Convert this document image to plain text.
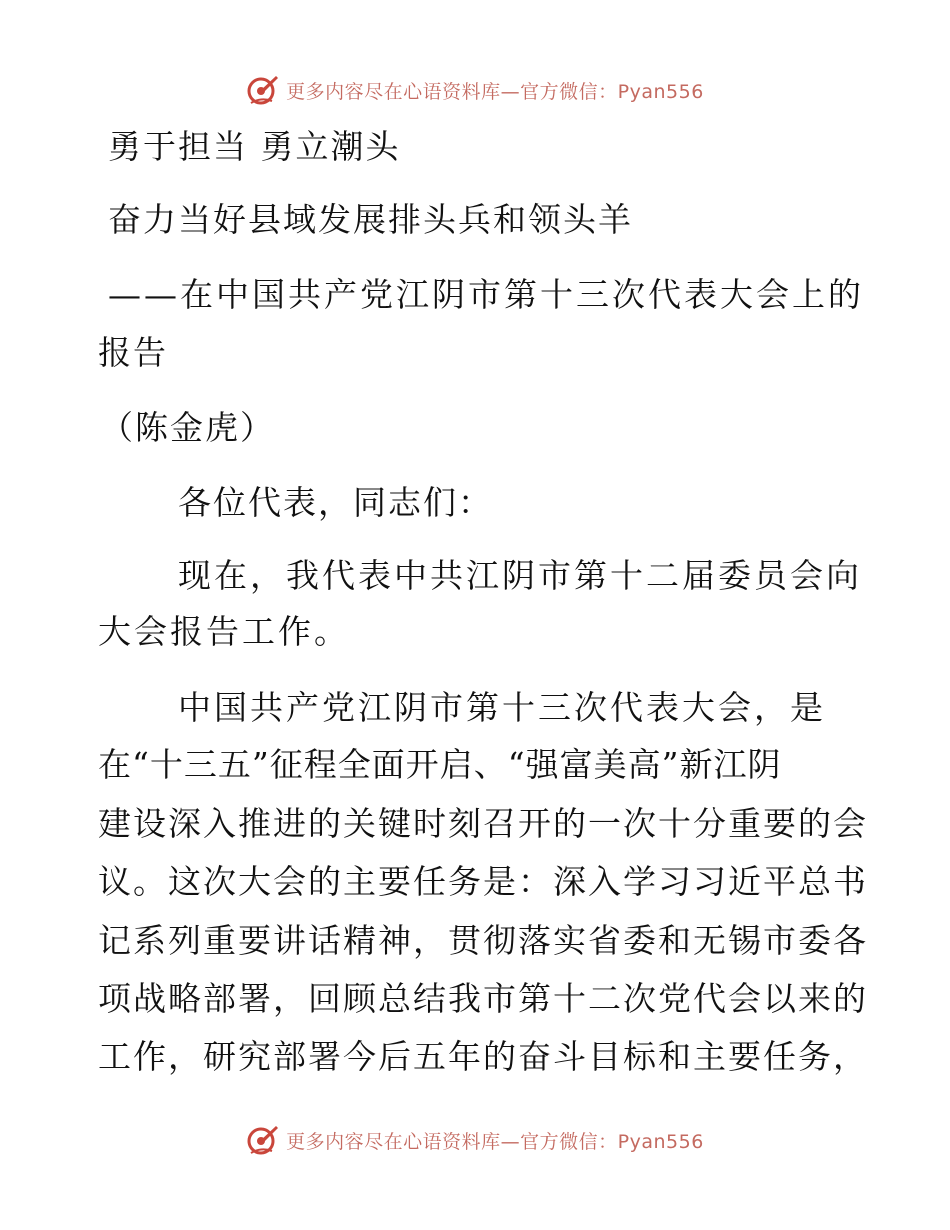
更多内容尽在心语资料库—官方微信：Pyan556
勇于担当 勇立潮头
奋力当好县域发展排头兵和领头羊
——在中国共产党江阴市第十三次代表大会上的
报告
（陈金虎）
各位代表，同志们：
现在，我代表中共江阴市第十二届委员会向
大会报告工作。
中国共产党江阴市第十三次代表大会，是
在“十三五”征程全面开启、“强富美高”新江阴
建设深入推进的关键时刻召开的一次十分重要的会
议。这次大会的主要任务是：深入学习习近平总书
记系列重要讲话精神，贯彻落实省委和无锡市委各
项战略部署，回顾总结我市第十二次党代会以来的
工作，研究部署今后五年的奋斗目标和主要任务，
更多内容尽在心语资料库—官方微信：Pyan556
